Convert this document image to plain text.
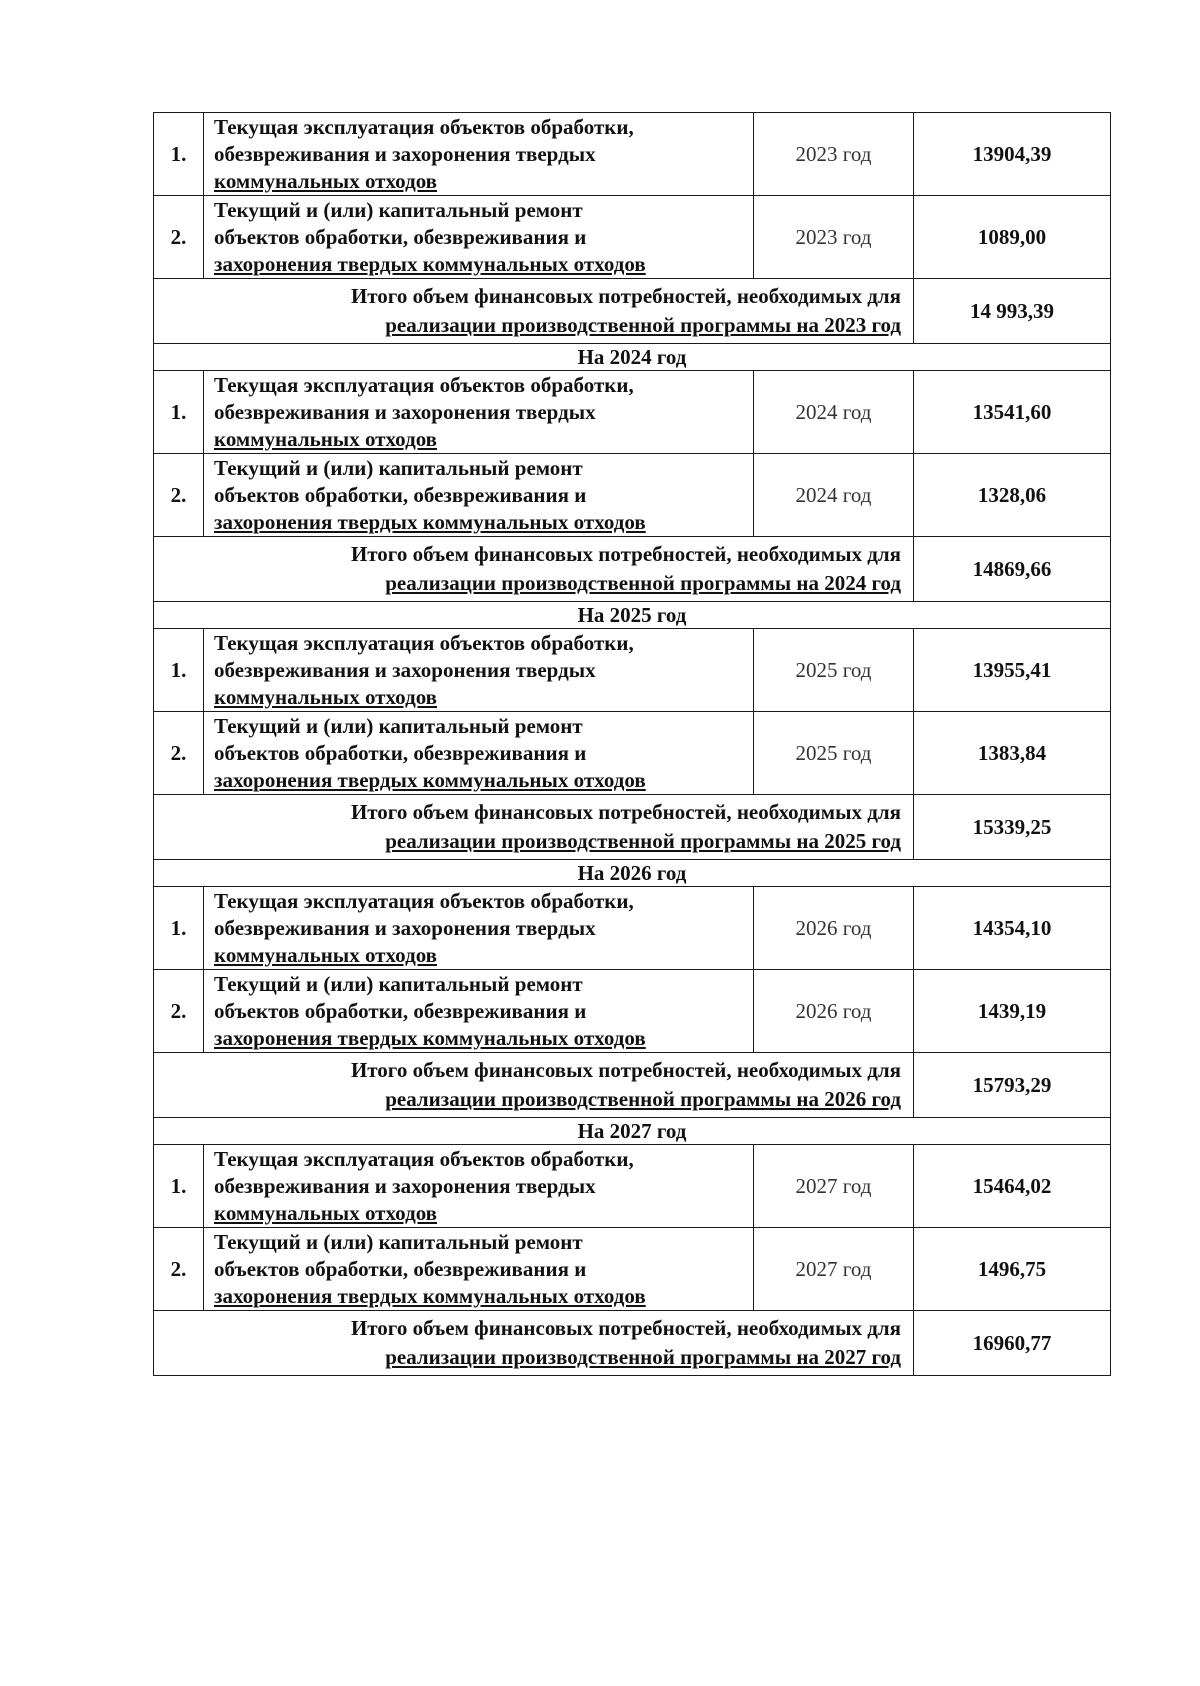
1.	Текущая эксплуатация объектов обработки,
обезвреживания и захоронения твердых
коммунальных отходов	2023 год	13904,39
2.	Текущий и (или) капитальный ремонт
объектов обработки, обезвреживания и
захоронения твердых коммунальных отходов	2023 год	1089,00

Итого объем финансовых потребностей, необходимых для
реализации производственной программы на 2023 год			14 993,39
На 2024 год			
1.	Текущая эксплуатация объектов обработки,
обезвреживания и захоронения твердых
коммунальных отходов	2024 год	13541,60
2.	Текущий и (или) капитальный ремонт
объектов обработки, обезвреживания и
захоронения твердых коммунальных отходов	2024 год	1328,06

Итого объем финансовых потребностей, необходимых для
реализации производственной программы на 2024 год			14869,66
На 2025 год			
1.	Текущая эксплуатация объектов обработки,
обезвреживания и захоронения твердых
коммунальных отходов	2025 год	13955,41
2.	Текущий и (или) капитальный ремонт
объектов обработки, обезвреживания и
захоронения твердых коммунальных отходов	2025 год	1383,84

Итого объем финансовых потребностей, необходимых для
реализации производственной программы на 2025 год			15339,25
На 2026 год			
1.	Текущая эксплуатация объектов обработки,
обезвреживания и захоронения твердых
коммунальных отходов	2026 год	14354,10
2.	Текущий и (или) капитальный ремонт
объектов обработки, обезвреживания и
захоронения твердых коммунальных отходов	2026 год	1439,19

Итого объем финансовых потребностей, необходимых для
реализации производственной программы на 2026 год			15793,29
На 2027 год			
1.	Текущая эксплуатация объектов обработки,
обезвреживания и захоронения твердых
коммунальных отходов	2027 год	15464,02
2.	Текущий и (или) капитальный ремонт
объектов обработки, обезвреживания и
захоронения твердых коммунальных отходов	2027 год	1496,75

Итого объем финансовых потребностей, необходимых для
реализации производственной программы на 2027 год			16960,77
